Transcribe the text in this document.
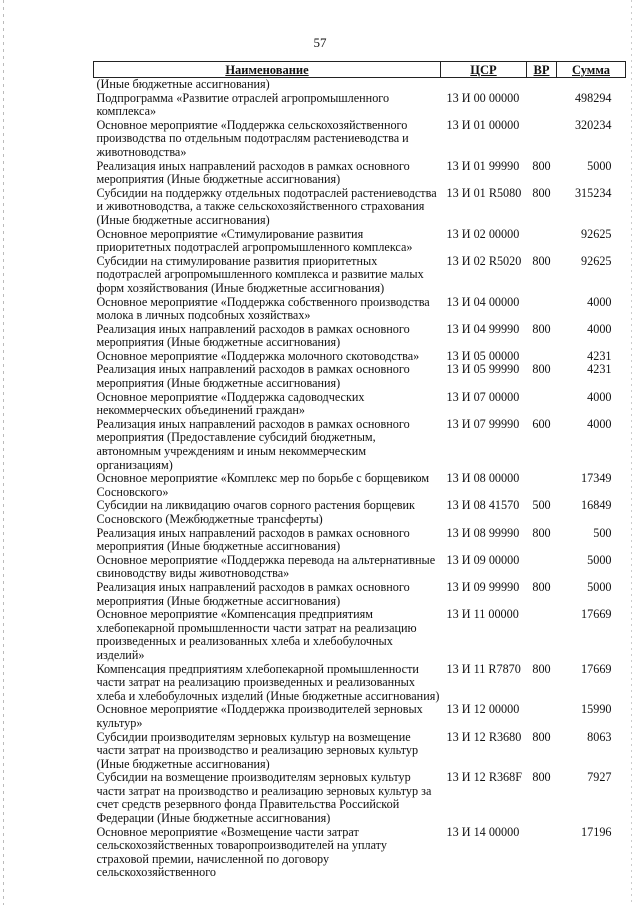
57
Наименование	ЦСР	ВР	Сумма
(Иные бюджетные ассигнования)			
Подпрограмма «Развитие отраслей агропромышленного комплекса»	13 И 00 00000		498294
Основное мероприятие «Поддержка сельскохозяйственного производства по отдельным подотраслям растениеводства и животноводства»	13 И 01 00000		320234
Реализация иных направлений расходов в рамках основного мероприятия (Иные бюджетные ассигнования)	13 И 01 99990	800	5000
Субсидии на поддержку отдельных подотраслей растениеводства и животноводства, а также сельскохозяйственного страхования (Иные бюджетные ассигнования)	13 И 01 R5080	800	315234
Основное мероприятие «Стимулирование развития приоритетных подотраслей агропромышленного комплекса»	13 И 02 00000		92625
Субсидии на стимулирование развития приоритетных подотраслей агропромышленного комплекса и развитие малых форм хозяйствования (Иные бюджетные ассигнования)	13 И 02 R5020	800	92625
Основное мероприятие «Поддержка собственного производства молока в личных подсобных хозяйствах»	13 И 04 00000		4000
Реализация иных направлений расходов в рамках основного мероприятия (Иные бюджетные ассигнования)	13 И 04 99990	800	4000
Основное мероприятие «Поддержка молочного скотоводства»	13 И 05 00000		4231
Реализация иных направлений расходов в рамках основного мероприятия (Иные бюджетные ассигнования)	13 И 05 99990	800	4231
Основное мероприятие «Поддержка садоводческих некоммерческих объединений граждан»	13 И 07 00000		4000
Реализация иных направлений расходов в рамках основного мероприятия (Предоставление субсидий бюджетным, автономным учреждениям и иным некоммерческим организациям)	13 И 07 99990	600	4000
Основное мероприятие «Комплекс мер по борьбе с борщевиком Сосновского»	13 И 08 00000		17349
Субсидии на ликвидацию очагов сорного растения борщевик Сосновского (Межбюджетные трансферты)	13 И 08 41570	500	16849
Реализация иных направлений расходов в рамках основного мероприятия (Иные бюджетные ассигнования)	13 И 08 99990	800	500
Основное мероприятие «Поддержка перевода на альтернативные свиноводству виды животноводства»	13 И 09 00000		5000
Реализация иных направлений расходов в рамках основного мероприятия (Иные бюджетные ассигнования)	13 И 09 99990	800	5000
Основное мероприятие «Компенсация предприятиям хлебопекарной промышленности части затрат на реализацию произведенных и реализованных хлеба и хлебобулочных изделий»	13 И 11 00000		17669
Компенсация предприятиям хлебопекарной промышленности части затрат на реализацию произведенных и реализованных хлеба и хлебобулочных изделий (Иные бюджетные ассигнования)	13 И 11 R7870	800	17669
Основное мероприятие «Поддержка производителей зерновых культур»	13 И 12 00000		15990
Субсидии производителям зерновых культур на возмещение части затрат на производство и реализацию зерновых культур (Иные бюджетные ассигнования)	13 И 12 R3680	800	8063
Субсидии на возмещение производителям зерновых культур части затрат на производство и реализацию зерновых культур за счет средств резервного фонда Правительства Российской Федерации (Иные бюджетные ассигнования)	13 И 12 R368F	800	7927
Основное мероприятие «Возмещение части затрат сельскохозяйственных товаропроизводителей на уплату страховой премии, начисленной по договору сельскохозяйственного	13 И 14 00000		17196
